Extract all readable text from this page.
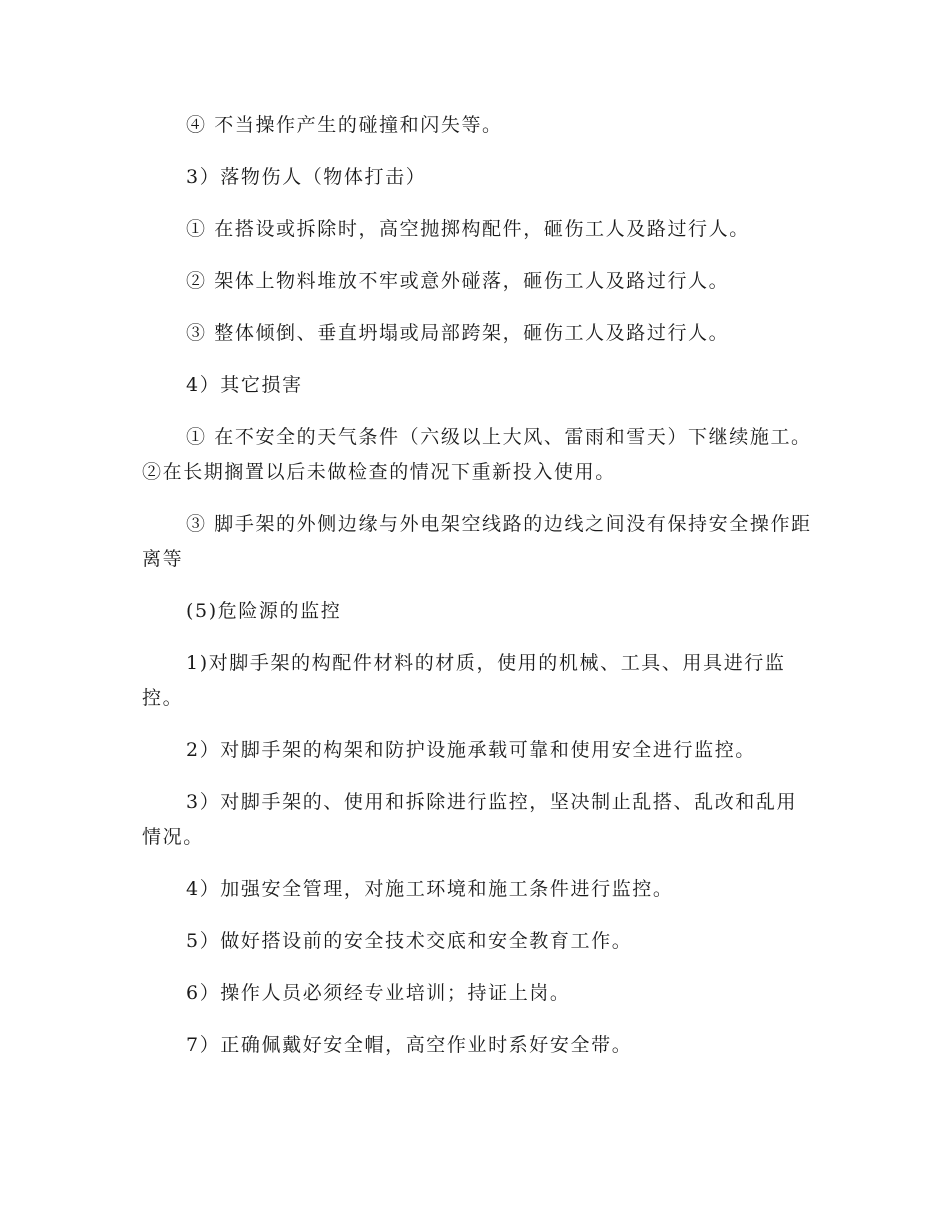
④ 不当操作产生的碰撞和闪失等。

3）落物伤人（物体打击）

① 在搭设或拆除时，高空抛掷构配件，砸伤工人及路过行人。

② 架体上物料堆放不牢或意外碰落，砸伤工人及路过行人。

③ 整体倾倒、垂直坍塌或局部跨架，砸伤工人及路过行人。

4）其它损害

① 在不安全的天气条件（六级以上大风、雷雨和雪天）下继续施工。②在长期搁置以后未做检查的情况下重新投入使用。

③ 脚手架的外侧边缘与外电架空线路的边线之间没有保持安全操作距离等

(5)危险源的监控

1)对脚手架的构配件材料的材质，使用的机械、工具、用具进行监控。

2）对脚手架的构架和防护设施承载可靠和使用安全进行监控。

3）对脚手架的、使用和拆除进行监控，坚决制止乱搭、乱改和乱用情况。

4）加强安全管理，对施工环境和施工条件进行监控。

5）做好搭设前的安全技术交底和安全教育工作。

6）操作人员必须经专业培训；持证上岗。

7）正确佩戴好安全帽，高空作业时系好安全带。
